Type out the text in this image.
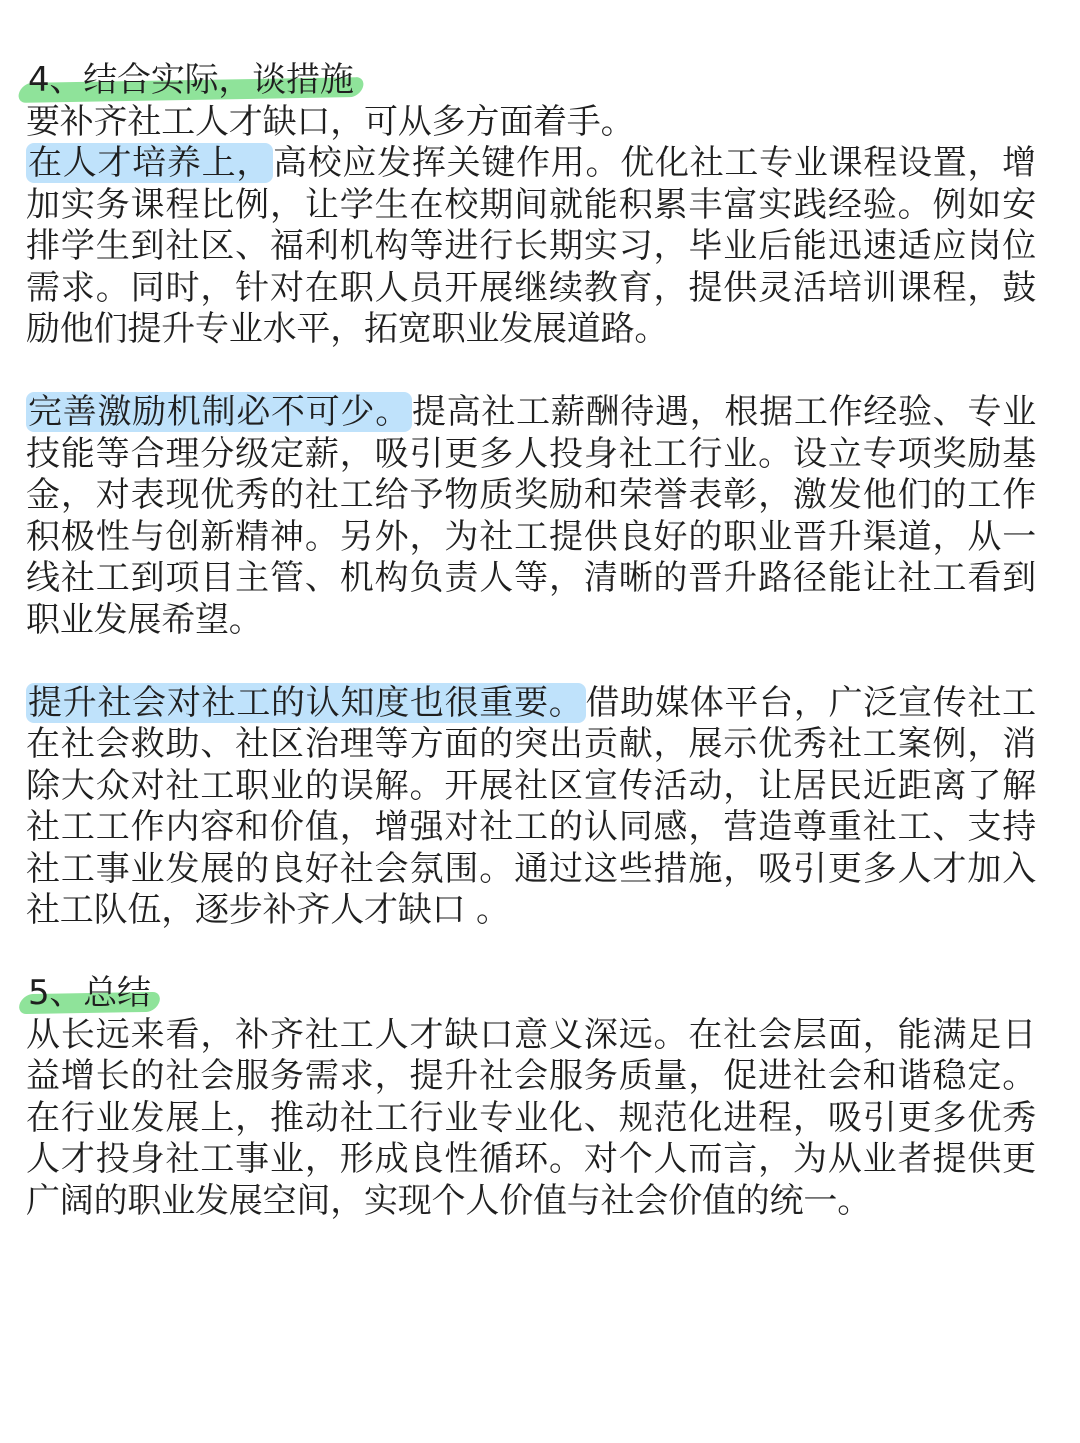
4、结合实际，谈措施

要补齐社工人才缺口，可从多方面着手。

在人才培养上，高校应发挥关键作用。优化社工专业课程设置，增加实务课程比例，让学生在校期间就能积累丰富实践经验。例如安排学生到社区、福利机构等进行长期实习，毕业后能迅速适应岗位需求。同时，针对在职人员开展继续教育，提供灵活培训课程，鼓励他们提升专业水平，拓宽职业发展道路。

完善激励机制必不可少。提高社工薪酬待遇，根据工作经验、专业技能等合理分级定薪，吸引更多人投身社工行业。设立专项奖励基金，对表现优秀的社工给予物质奖励和荣誉表彰，激发他们的工作积极性与创新精神。另外，为社工提供良好的职业晋升渠道，从一线社工到项目主管、机构负责人等，清晰的晋升路径能让社工看到职业发展希望。

提升社会对社工的认知度也很重要。借助媒体平台，广泛宣传社工在社会救助、社区治理等方面的突出贡献，展示优秀社工案例，消除大众对社工职业的误解。开展社区宣传活动，让居民近距离了解社工工作内容和价值，增强对社工的认同感，营造尊重社工、支持社工事业发展的良好社会氛围。通过这些措施，吸引更多人才加入社工队伍，逐步补齐人才缺口 。

5、总结

从长远来看，补齐社工人才缺口意义深远。在社会层面，能满足日益增长的社会服务需求，提升社会服务质量，促进社会和谐稳定。在行业发展上，推动社工行业专业化、规范化进程，吸引更多优秀人才投身社工事业，形成良性循环。对个人而言，为从业者提供更广阔的职业发展空间，实现个人价值与社会价值的统一。
